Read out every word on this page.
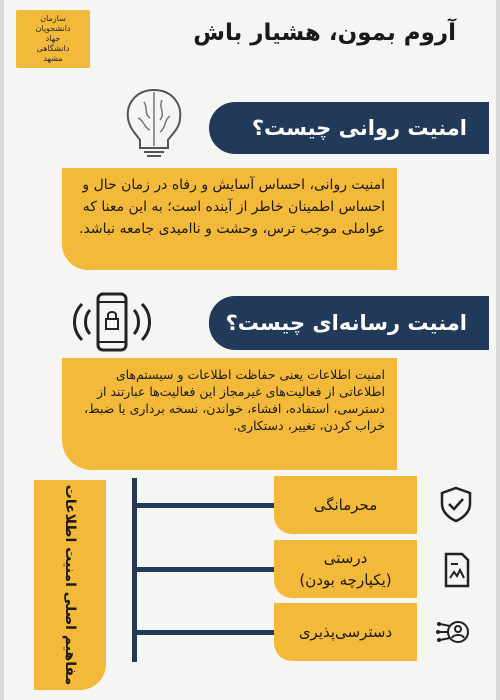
سازمان
دانشجویان
جهاد
دانشگاهی
مشهد
آروم بمون، هشیار باش
امنیت روانی چیست؟
امنیت روانی، احساس آسایش و رفاه در زمان حال و احساس اطمینان خاطر از آینده است؛ به این معنا که عواملی موجب ترس، وحشت و ناامیدی جامعه نباشد.
امنیت رسانه‌ای چیست؟
امنیت اطلاعات یعنی حفاظت اطلاعات و سیستم‌های اطلاعاتی از فعالیت‌های غیرمجاز این فعالیت‌ها عبارتند از دسترسی، استفاده، افشاء، خواندن، نسخه برداری یا ضبط، خراب کردن، تغییر، دستکاری.
مفاهیم اصلی امنیت اطلاعات	محرمانگی
درستی
(یکپارچه بودن)
دسترسی‌پذیری
